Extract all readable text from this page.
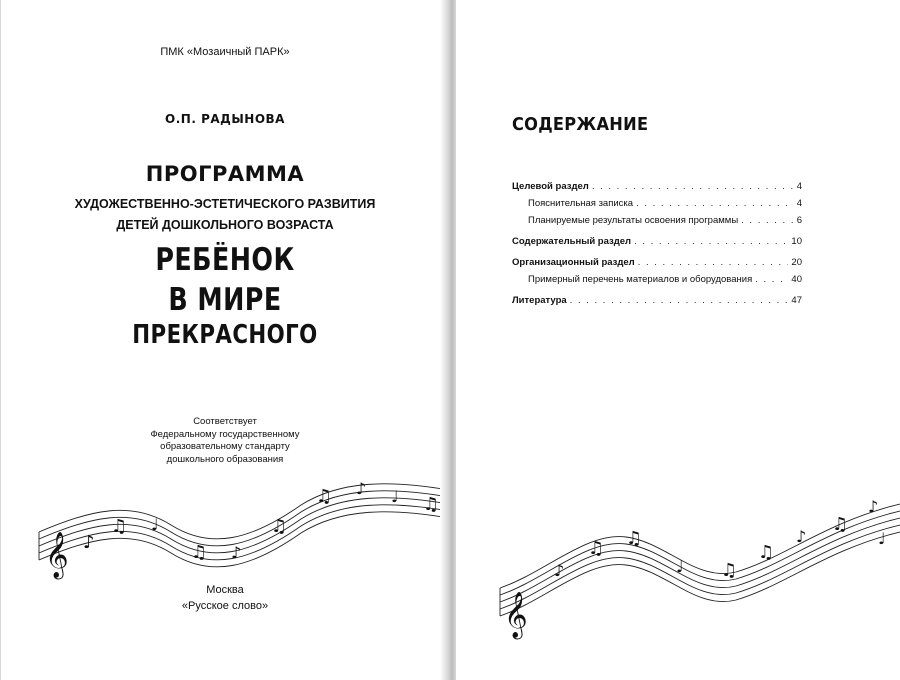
ПМК «Мозаичный ПАРК»
О.П. РАДЫНОВА
ПРОГРАММА
ХУДОЖЕСТВЕННО-ЭСТЕТИЧЕСКОГО РАЗВИТИЯ
ДЕТЕЙ ДОШКОЛЬНОГО ВОЗРАСТА
РЕБЁНОК
В МИРЕ
ПРЕКРАСНОГО
Соответствует
Федеральному государственному
образовательному стандарту
дошкольного образования
𝄞 ♪
♫ ♩
♫ ♪
♫
♫ ♪ ♩ ♫
Москва
«Русское слово»
СОДЕРЖАНИЕ
Целевой раздел . . .	4
Пояснительная записка . . .	4
Планируемые результаты освоения программы . . .	6
Содержательный раздел . . .	10
Организационный раздел . . .	20
Примерный перечень материалов и оборудования . . .	40
Литература . . .	47
𝄞
♪
♫ ♫
♩ ♫
♫
♪
♫
♪
♩
